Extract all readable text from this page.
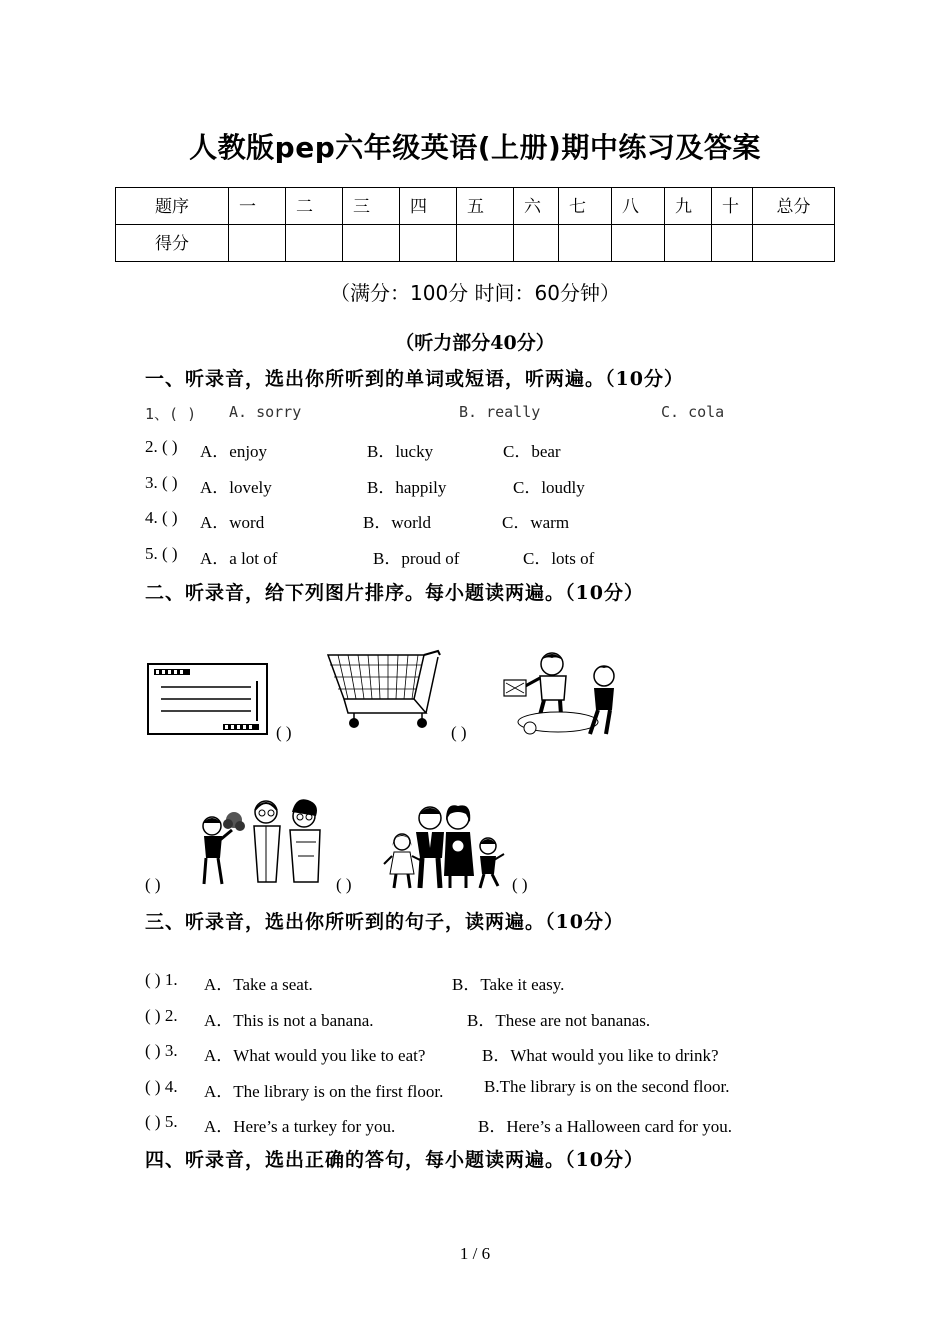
人教版pep六年级英语(上册)期中练习及答案
题序	一	二	三	四	五	六	七	八	九	十	总分

得分											

（满分：100分 时间：60分钟）
（听力部分40分）
一、听录音，选出你所听到的单词或短语，听两遍。（10分）
1、( ) A. sorry	B. really	C. cola
2. ( ) A．enjoy	B．lucky	C．bear
3. ( ) A．lovely	B．happily	C．loudly
4. ( ) A．word	B．world	C．warm
5. ( ) A．a lot of	B．proud of	C．lots of
二、听录音，给下列图片排序。每小题读两遍。（10分）
( )	( )
( )	( )	( )
三、听录音，选出你所听到的句子，读两遍。（10分）
( ) 1. A．Take a seat.	B．Take it easy.
( ) 2. A．This is not a banana.	B．These are not bananas.
( ) 3. A．What would you like to eat?	B．What would you like to drink?
( ) 4. A．The library is on the first floor. B.The library is on the second floor.
( ) 5. A．Here’s a turkey for you.	B．Here’s a Halloween card for you.
四、听录音，选出正确的答句，每小题读两遍。（10分）
1 / 6
